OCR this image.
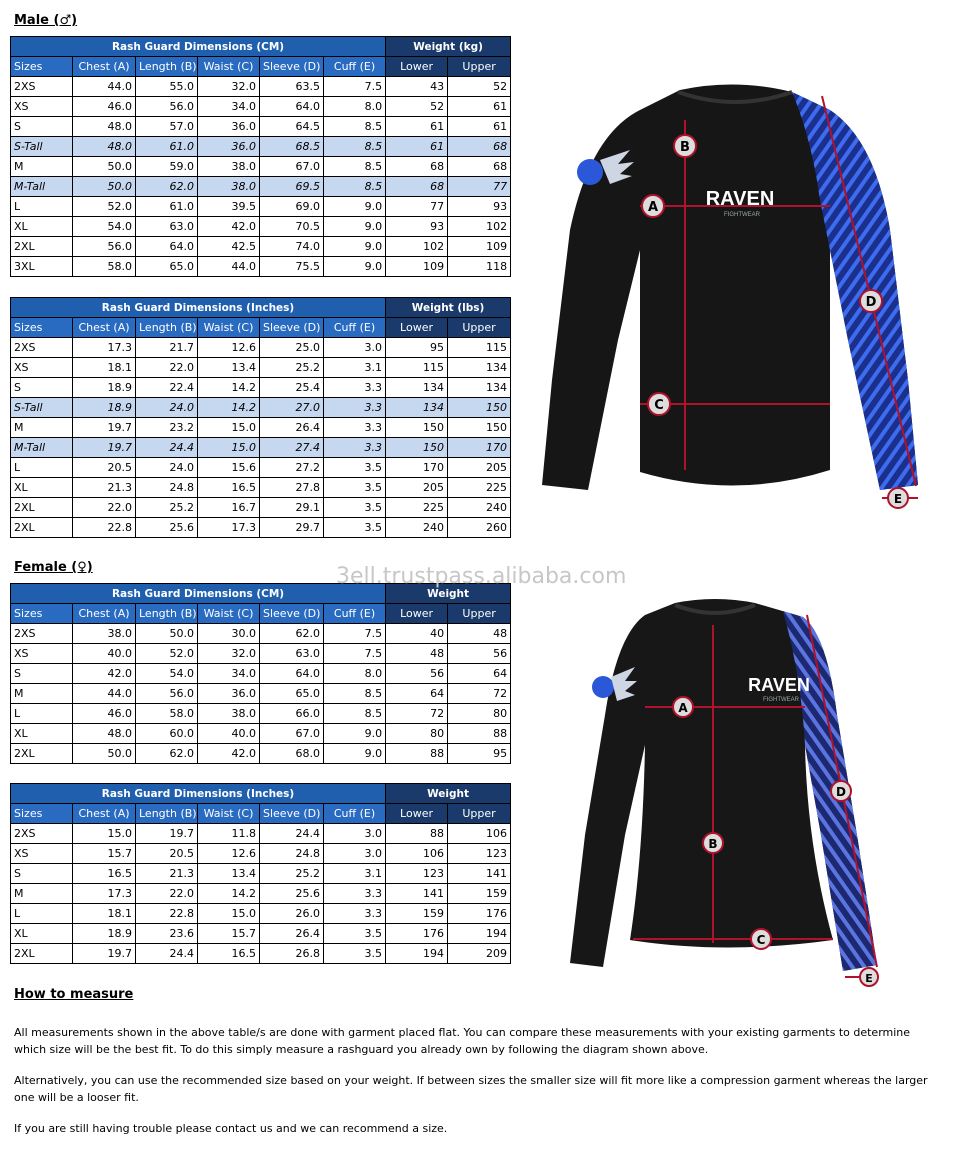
Male (♂)
Rash Guard Dimensions (CM)						Weight (kg)	
Sizes	Chest (A)	Length (B)	Waist (C)	Sleeve (D)	Cuff (E)	Lower	Upper
2XS	44.0	55.0	32.0	63.5	7.5	43	52
XS	46.0	56.0	34.0	64.0	8.0	52	61
S	48.0	57.0	36.0	64.5	8.5	61	61
S-Tall	48.0	61.0	36.0	68.5	8.5	61	68
M	50.0	59.0	38.0	67.0	8.5	68	68
M-Tall	50.0	62.0	38.0	69.5	8.5	68	77
L	52.0	61.0	39.5	69.0	9.0	77	93
XL	54.0	63.0	42.0	70.5	9.0	93	102
2XL	56.0	64.0	42.5	74.0	9.0	102	109
3XL	58.0	65.0	44.0	75.5	9.0	109	118
Rash Guard Dimensions (Inches)						Weight (lbs)	
Sizes	Chest (A)	Length (B)	Waist (C)	Sleeve (D)	Cuff (E)	Lower	Upper
2XS	17.3	21.7	12.6	25.0	3.0	95	115
XS	18.1	22.0	13.4	25.2	3.1	115	134
S	18.9	22.4	14.2	25.4	3.3	134	134
S-Tall	18.9	24.0	14.2	27.0	3.3	134	150
M	19.7	23.2	15.0	26.4	3.3	150	150
M-Tall	19.7	24.4	15.0	27.4	3.3	150	170
L	20.5	24.0	15.6	27.2	3.5	170	205
XL	21.3	24.8	16.5	27.8	3.5	205	225
2XL	22.0	25.2	16.7	29.1	3.5	225	240
2XL	22.8	25.6	17.3	29.7	3.5	240	260
Female (♀)
Rash Guard Dimensions (CM)						Weight	
Sizes	Chest (A)	Length (B)	Waist (C)	Sleeve (D)	Cuff (E)	Lower	Upper
2XS	38.0	50.0	30.0	62.0	7.5	40	48
XS	40.0	52.0	32.0	63.0	7.5	48	56
S	42.0	54.0	34.0	64.0	8.0	56	64
M	44.0	56.0	36.0	65.0	8.5	64	72
L	46.0	58.0	38.0	66.0	8.5	72	80
XL	48.0	60.0	40.0	67.0	9.0	80	88
2XL	50.0	62.0	42.0	68.0	9.0	88	95
Rash Guard Dimensions (Inches)						Weight	
Sizes	Chest (A)	Length (B)	Waist (C)	Sleeve (D)	Cuff (E)	Lower	Upper
2XS	15.0	19.7	11.8	24.4	3.0	88	106
XS	15.7	20.5	12.6	24.8	3.0	106	123
S	16.5	21.3	13.4	25.2	3.1	123	141
M	17.3	22.0	14.2	25.6	3.3	141	159
L	18.1	22.8	15.0	26.0	3.3	159	176
XL	18.9	23.6	15.7	26.4	3.5	176	194
2XL	19.7	24.4	16.5	26.8	3.5	194	209
3ell.trustpass.alibaba.com
RAVEN
FIGHTWEAR
A
B
C
D
E
RAVEN
FIGHTWEAR
A
B
C
D
E
How to measure
All measurements shown in the above table/s are done with garment placed flat. You can compare these measurements with your existing garments to determine which size will be the best fit. To do this simply measure a rashguard you already own by following the diagram shown above.
Alternatively, you can use the recommended size based on your weight. If between sizes the smaller size will fit more like a compression garment whereas the larger one will be a looser fit.
If you are still having trouble please contact us and we can recommend a size.
